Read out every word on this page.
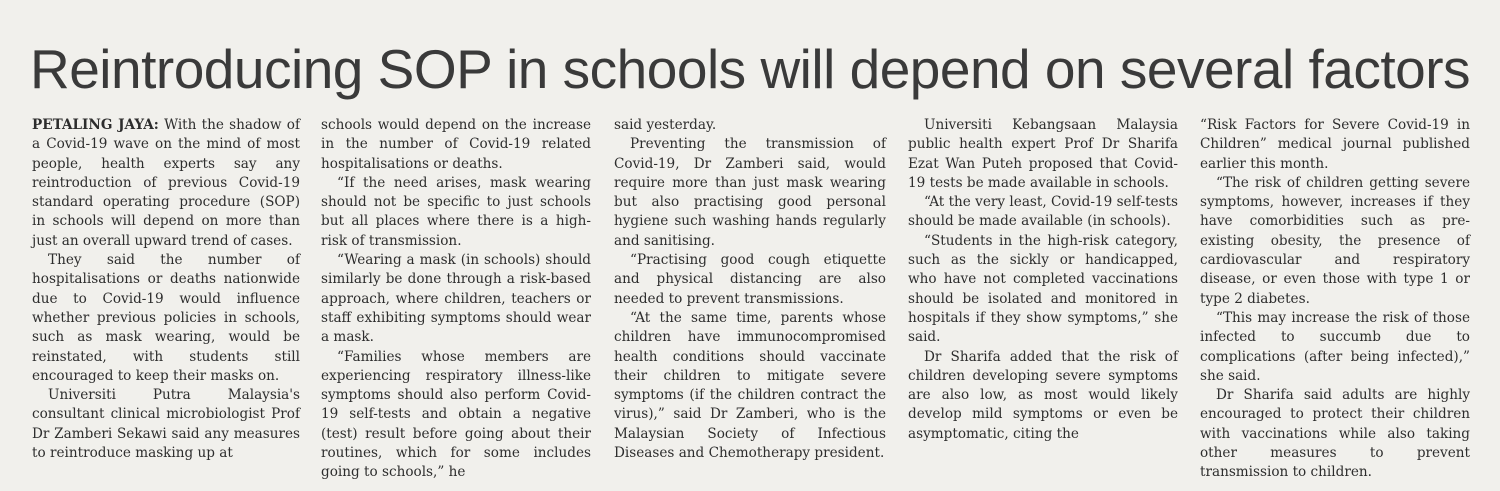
Reintroducing SOP in schools will depend on several factors

PETALING JAYA: With the shadow of a Covid-19 wave on the mind of most people, health experts say any reintroduction of previous Covid-19 standard operating procedure (SOP) in schools will depend on more than just an overall upward trend of cases.

They said the number of hospitalisations or deaths nationwide due to Covid-19 would influence whether previous policies in schools, such as mask wearing, would be reinstated, with students still encouraged to keep their masks on.

Universiti Putra Malaysia's consultant clinical microbiologist Prof Dr Zamberi Sekawi said any measures to reintroduce masking up at

schools would depend on the increase in the number of Covid-19 related hospitalisations or deaths.

“If the need arises, mask wearing should not be specific to just schools but all places where there is a high-risk of transmission.

“Wearing a mask (in schools) should similarly be done through a risk-based approach, where children, teachers or staff exhibiting symptoms should wear a mask.

“Families whose members are experiencing respiratory illness-like symptoms should also perform Covid-19 self-tests and obtain a negative (test) result before going about their routines, which for some includes going to schools,” he

said yesterday.

Preventing the transmission of Covid-19, Dr Zamberi said, would require more than just mask wearing but also practising good personal hygiene such washing hands regularly and sanitising.

“Practising good cough etiquette and physical distancing are also needed to prevent transmissions.

“At the same time, parents whose children have immunocompromised health conditions should vaccinate their children to mitigate severe symptoms (if the children contract the virus),” said Dr Zamberi, who is the Malaysian Society of Infectious Diseases and Chemotherapy president.

Universiti Kebangsaan Malaysia public health expert Prof Dr Sharifa Ezat Wan Puteh proposed that Covid-19 tests be made available in schools.

“At the very least, Covid-19 self-tests should be made available (in schools).

“Students in the high-risk category, such as the sickly or handicapped, who have not completed vaccinations should be isolated and monitored in hospitals if they show symptoms,” she said.

Dr Sharifa added that the risk of children developing severe symptoms are also low, as most would likely develop mild symptoms or even be asymptomatic, citing the

“Risk Factors for Severe Covid-19 in Children” medical journal published earlier this month.

“The risk of children getting severe symptoms, however, increases if they have comorbidities such as pre-existing obesity, the presence of cardiovascular and respiratory disease, or even those with type 1 or type 2 diabetes.

“This may increase the risk of those infected to succumb due to complications (after being infected),” she said.

Dr Sharifa said adults are highly encouraged to protect their children with vaccinations while also taking other measures to prevent transmission to children.
